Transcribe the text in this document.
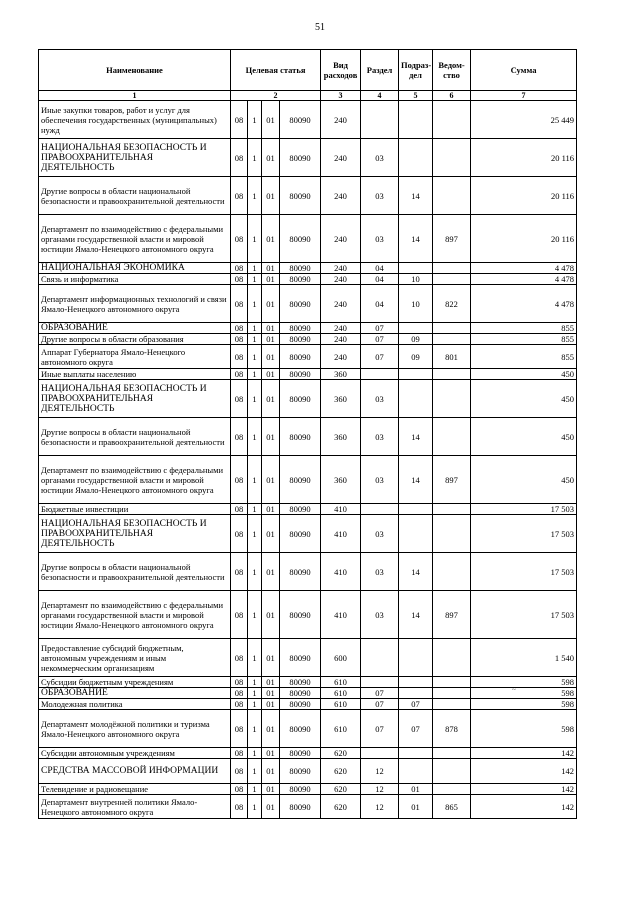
51
Наименование	Целевая статья				Вид расходов	Раздел	Подраз- дел	Ведом- ство	Сумма
1	2				3	4	5	6	7
Иные закупки товаров, работ и услуг для обеспечения государственных (муниципальных) нужд	08	1	01	80090	240				25 449
НАЦИОНАЛЬНАЯ БЕЗОПАСНОСТЬ И ПРАВООХРАНИТЕЛЬНАЯ ДЕЯТЕЛЬНОСТЬ	08	1	01	80090	240	03			20 116
Другие вопросы в области национальной безопасности и правоохранительной деятельности	08	1	01	80090	240	03	14		20 116
Департамент по взаимодействию с федеральными органами государственной власти и мировой юстиции Ямало-Ненецкого автономного округа	08	1	01	80090	240	03	14	897	20 116
НАЦИОНАЛЬНАЯ ЭКОНОМИКА	08	1	01	80090	240	04			4 478
Связь и информатика	08	1	01	80090	240	04	10		4 478
Департамент информационных технологий и связи Ямало-Ненецкого автономного округа	08	1	01	80090	240	04	10	822	4 478
ОБРАЗОВАНИЕ	08	1	01	80090	240	07			855
Другие вопросы в области образования	08	1	01	80090	240	07	09		855
Аппарат Губернатора Ямало-Ненецкого автономного округа	08	1	01	80090	240	07	09	801	855
Иные выплаты населению	08	1	01	80090	360				450
НАЦИОНАЛЬНАЯ БЕЗОПАСНОСТЬ И ПРАВООХРАНИТЕЛЬНАЯ ДЕЯТЕЛЬНОСТЬ	08	1	01	80090	360	03			450
Другие вопросы в области национальной безопасности и правоохранительной деятельности	08	1	01	80090	360	03	14		450
Департамент по взаимодействию с федеральными органами государственной власти и мировой юстиции Ямало-Ненецкого автономного округа	08	1	01	80090	360	03	14	897	450
Бюджетные инвестиции	08	1	01	80090	410				17 503
НАЦИОНАЛЬНАЯ БЕЗОПАСНОСТЬ И ПРАВООХРАНИТЕЛЬНАЯ ДЕЯТЕЛЬНОСТЬ	08	1	01	80090	410	03			17 503
Другие вопросы в области национальной безопасности и правоохранительной деятельности	08	1	01	80090	410	03	14		17 503
Департамент по взаимодействию с федеральными органами государственной власти и мировой юстиции Ямало-Ненецкого автономного округа	08	1	01	80090	410	03	14	897	17 503
Предоставление субсидий бюджетным, автономным учреждениям и иным некоммерческим организациям	08	1	01	80090	600				1 540
Субсидии бюджетным учреждениям	08	1	01	80090	610				598
ОБРАЗОВАНИЕ	08	1	01	80090	610	07			598
Молодежная политика	08	1	01	80090	610	07	07		598
Департамент молодёжной политики и туризма Ямало-Ненецкого автономного округа	08	1	01	80090	610	07	07	878	598
Субсидии автономным учреждениям	08	1	01	80090	620				142
СРЕДСТВА МАССОВОЙ ИНФОРМАЦИИ	08	1	01	80090	620	12			142
Телевидение и радиовещание	08	1	01	80090	620	12	01		142
Департамент внутренней политики Ямало-Ненецкого автономного округа	08	1	01	80090	620	12	01	865	142
~
